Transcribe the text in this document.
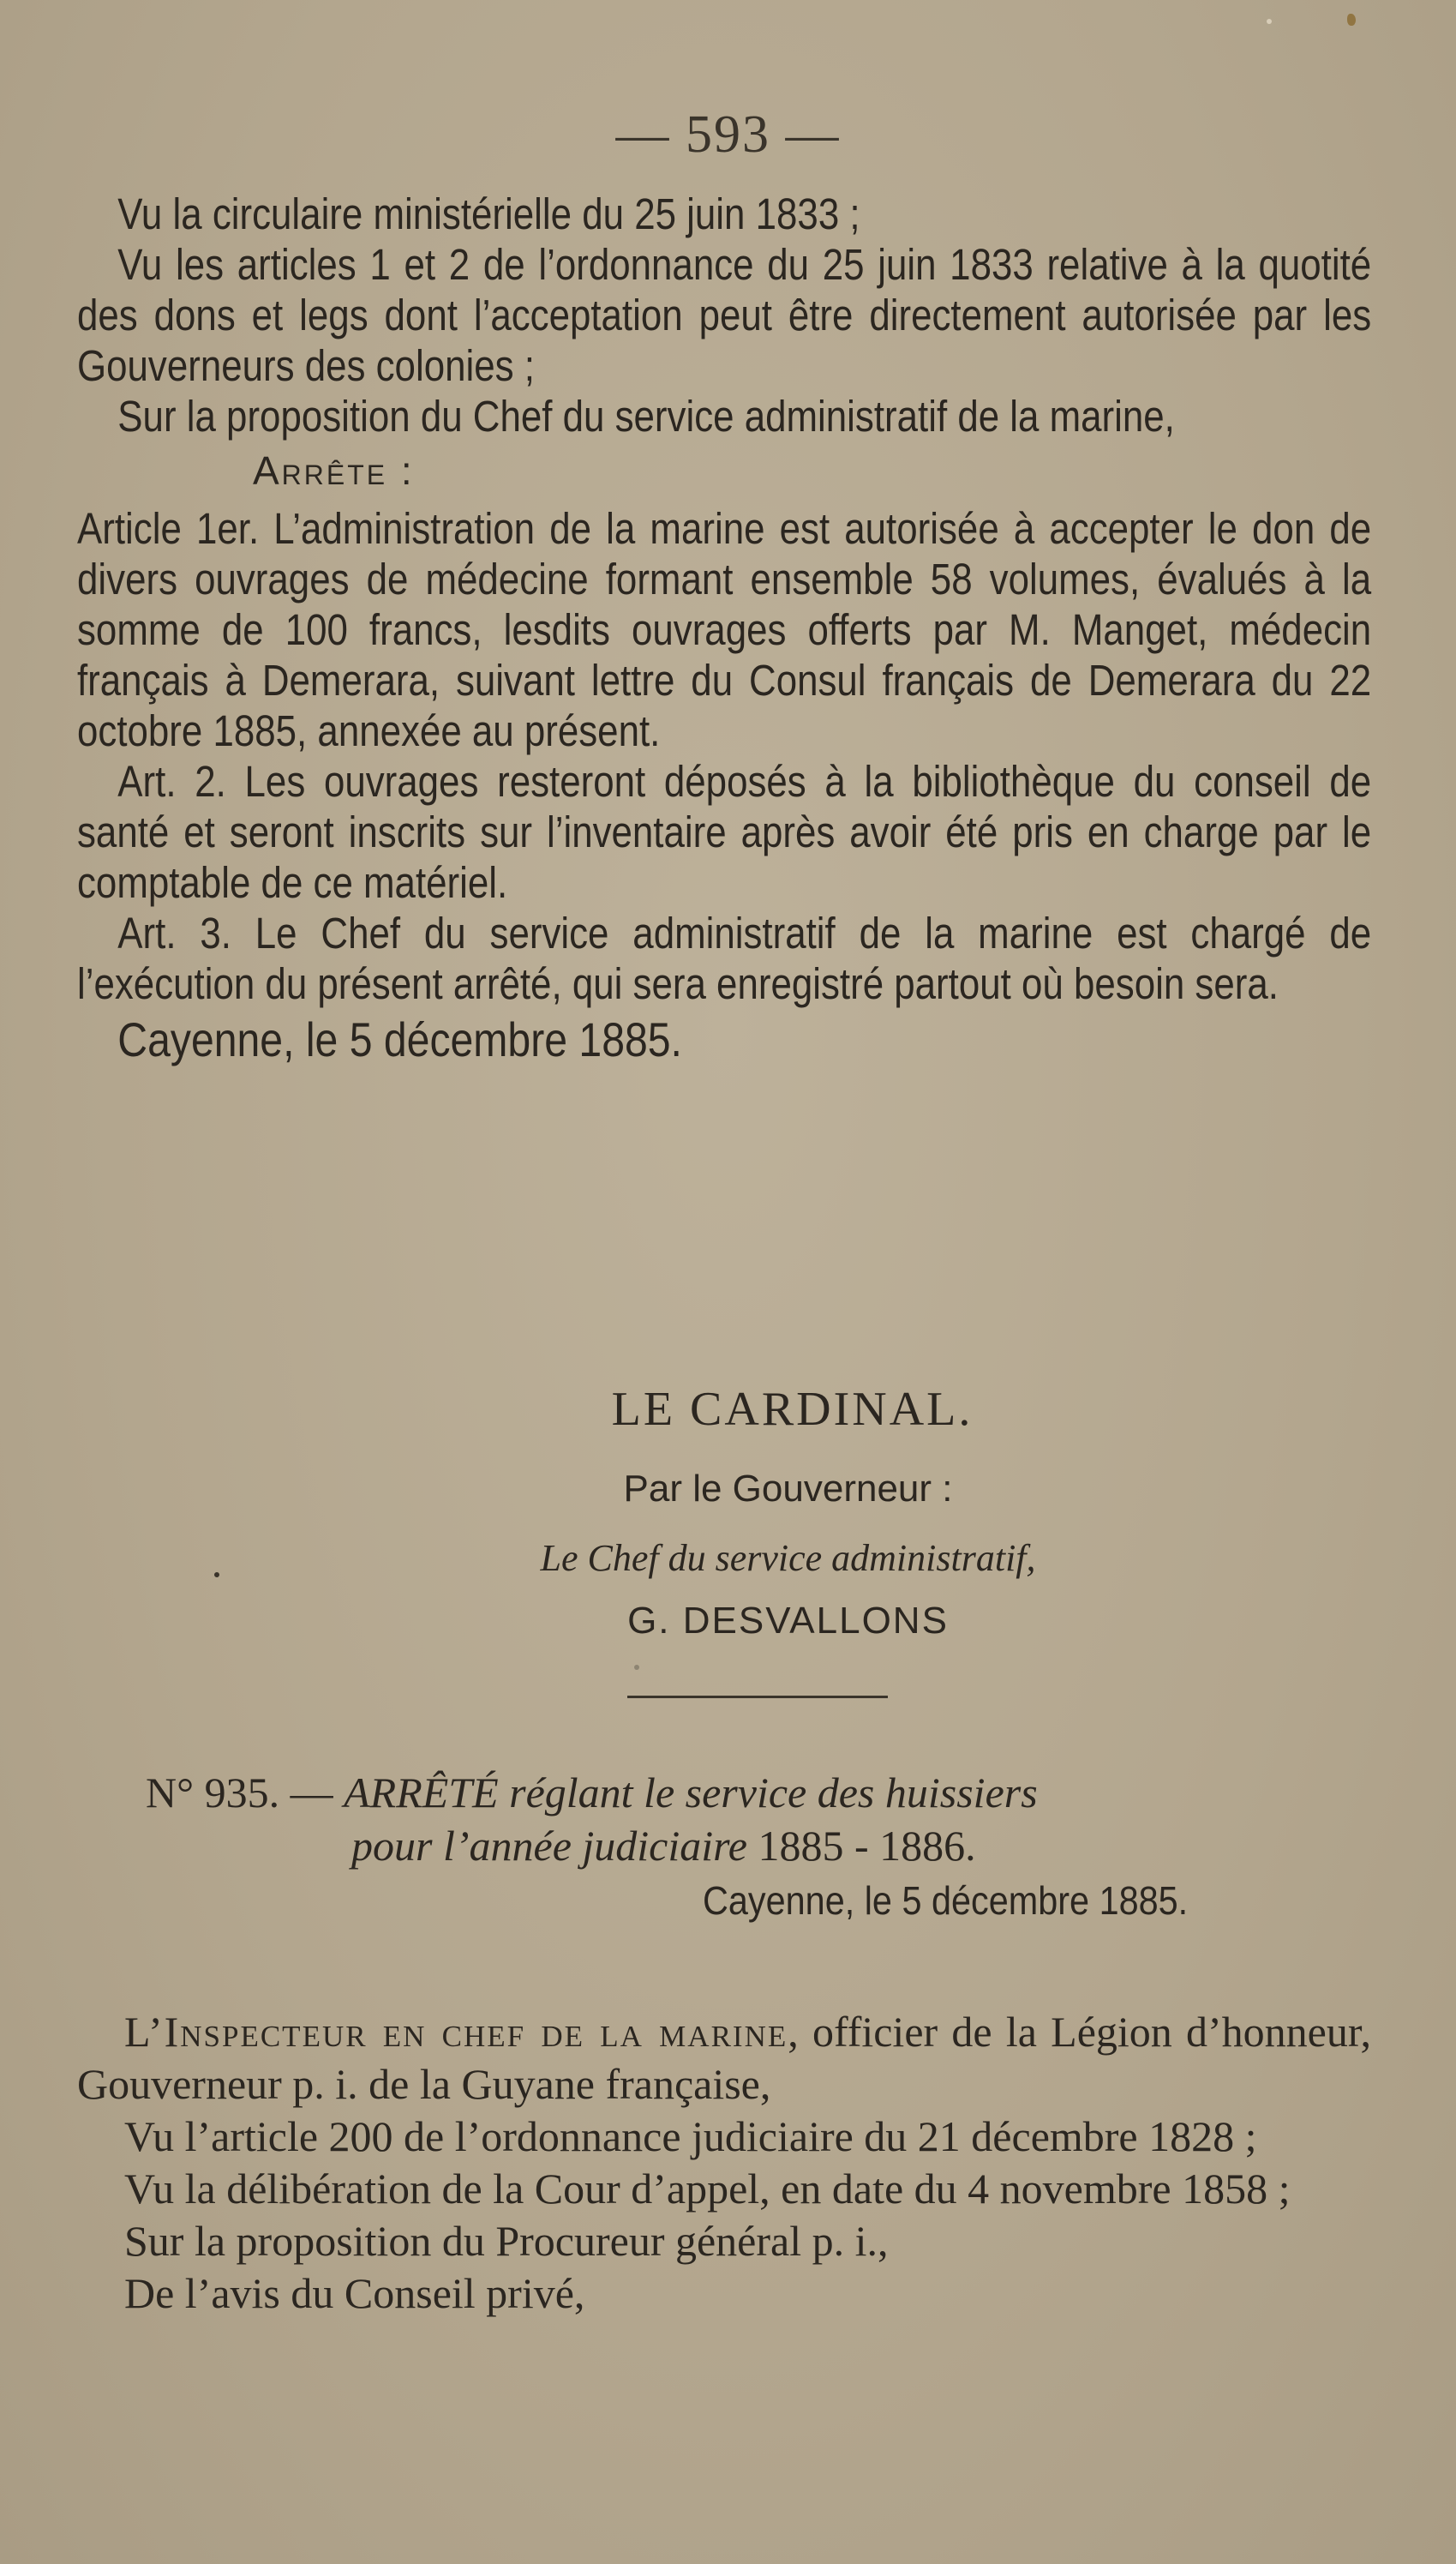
— 593 —

Vu la circulaire ministérielle du 25 juin 1833 ;

Vu les articles 1 et 2 de l’ordonnance du 25 juin 1833 relative à la quotité des dons et legs dont l’acceptation peut être directement autorisée par les Gouverneurs des colonies ;

Sur la proposition du Chef du service administratif de la marine,

Arrête :

Article 1er. L’administration de la marine est autorisée à accepter le don de divers ouvrages de médecine formant ensemble 58 volumes, évalués à la somme de 100 francs, lesdits ouvrages offerts par M. Manget, médecin français à Demerara, suivant lettre du Consul français de Demerara du 22 octobre 1885, annexée au présent.

Art. 2. Les ouvrages resteront déposés à la bibliothèque du conseil de santé et seront inscrits sur l’inventaire après avoir été pris en charge par le comptable de ce matériel.

Art. 3. Le Chef du service administratif de la marine est chargé de l’exécution du présent arrêté, qui sera enregistré partout où besoin sera.

Cayenne, le 5 décembre 1885.

LE CARDINAL.
Par le Gouverneur :
Le Chef du service administratif,
G. DESVALLONS
N° 935. — ARRÊTÉ réglant le service des huissiers
pour l’année judiciaire 1885 - 1886.
Cayenne, le 5 décembre 1885.

L’Inspecteur en chef de la marine, officier de la Légion d’honneur, Gouverneur p. i. de la Guyane française,

Vu l’article 200 de l’ordonnance judiciaire du 21 décembre 1828 ;

Vu la délibération de la Cour d’appel, en date du 4 novembre 1858 ;

Sur la proposition du Procureur général p. i.,

De l’avis du Conseil privé,
